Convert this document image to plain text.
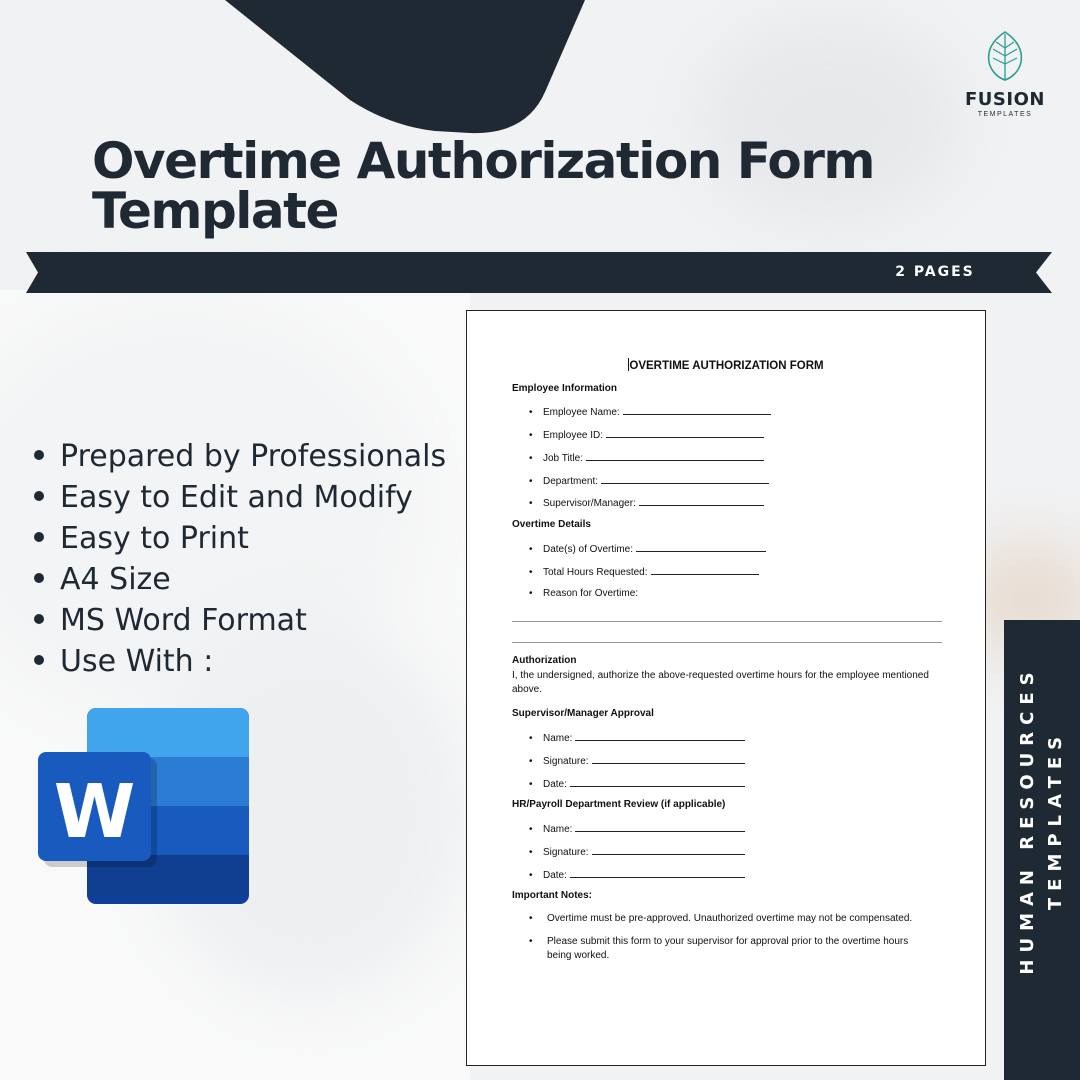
FUSION
TEMPLATES
Overtime Authorization Form
Template
2 PAGES
Prepared by Professionals
Easy to Edit and Modify
Easy to Print
A4 Size
MS Word Format
Use With :
W
OVERTIME AUTHORIZATION FORM
Employee Information
• Employee Name:
• Employee ID:
• Job Title:
• Department:
• Supervisor/Manager:
Overtime Details
• Date(s) of Overtime:
• Total Hours Requested:
• Reason for Overtime:
Authorization
I, the undersigned, authorize the above-requested overtime hours for the employee mentioned above.
Supervisor/Manager Approval
• Name:
• Signature:
• Date:
HR/Payroll Department Review (if applicable)
• Name:
• Signature:
• Date:
Important Notes:
• Overtime must be pre-approved. Unauthorized overtime may not be compensated.
• Please submit this form to your supervisor for approval prior to the overtime hours being worked.	HUMAN RESOURCES TEMPLATES
